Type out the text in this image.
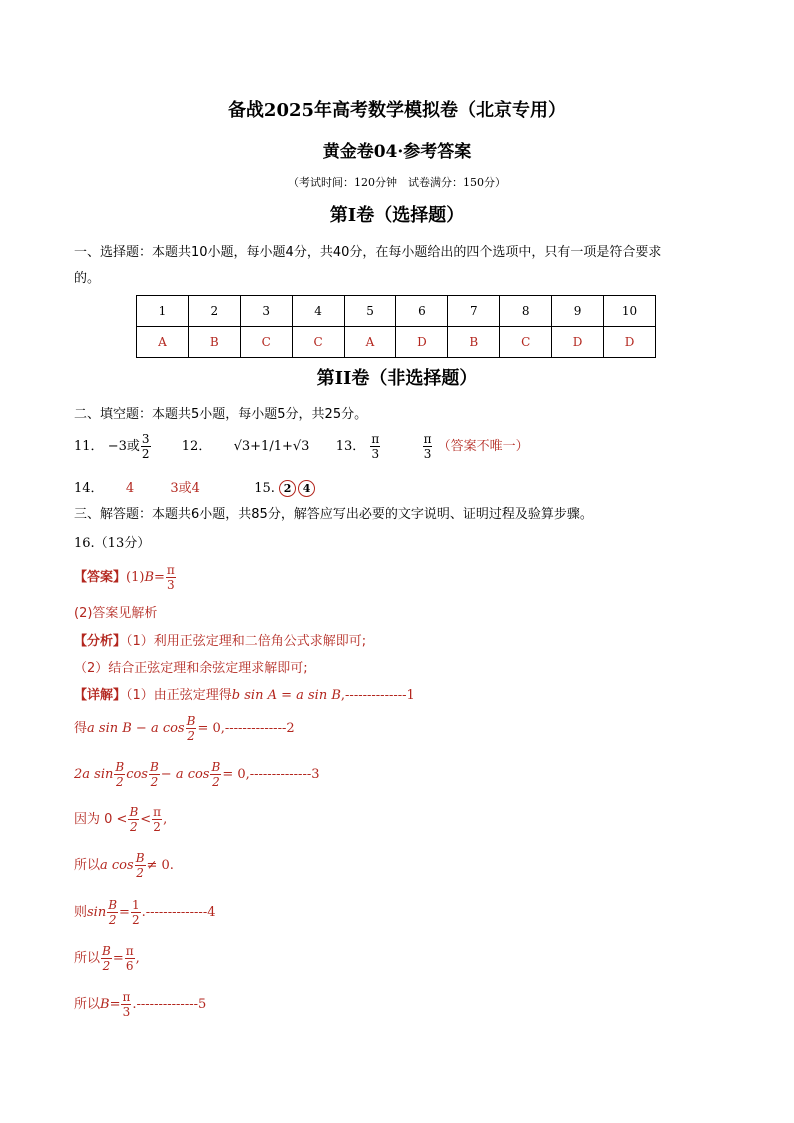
备战2025年高考数学模拟卷（北京专用）
黄金卷04·参考答案
（考试时间：120分钟　试卷满分：150分）
第I卷（选择题）
一、选择题：本题共10小题，每小题4分，共40分，在每小题给出的四个选项中，只有一项是符合要求
的。
1	2	3	4	5	6	7	8	9	10
A	B	C	C	A	D	B	C	D	D
第II卷（非选择题）
二、填空题：本题共5小题，每小题5分，共25分。
11． −3或 $\frac{3}{2} 12$． √3+1/1+√3 13． $\frac{\pi}{3}$
	$\frac{\pi}{3}$ （答案不唯一）
14． 4	3或4	15. 2 4
三、解答题：本题共6小题，共85分，解答应写出必要的文字说明、证明过程及验算步骤。
16.（13分）
【答案】$(1)B= \frac{\pi}{3}$
(2)答案见解析
【分析】（1）利用正弦定理和二倍角公式求解即可;
（2）结合正弦定理和余弦定理求解即可;
【详解】（1）由正弦定理得b sin A = a sin B,--------------1
得a sin B − a $\cos \frac{B}{2} = 0,--------------2$
2a $\sin \frac{B}{2}$ $\cos \frac{B}{2} - a$ $\cos \frac{B}{2} = 0,--------------3$
因为 $0 < \frac{B}{2} < \frac{\pi}{2}$ ,
所以a $\cos \frac{B}{2} \ne 0$.
则$\sin \frac{B}{2} = \frac{1}{2} .--------------4$
所以 $\frac{B}{2} = \frac{\pi}{6}$ ,
所以$B= \frac{\pi}{3} .--------------5$
